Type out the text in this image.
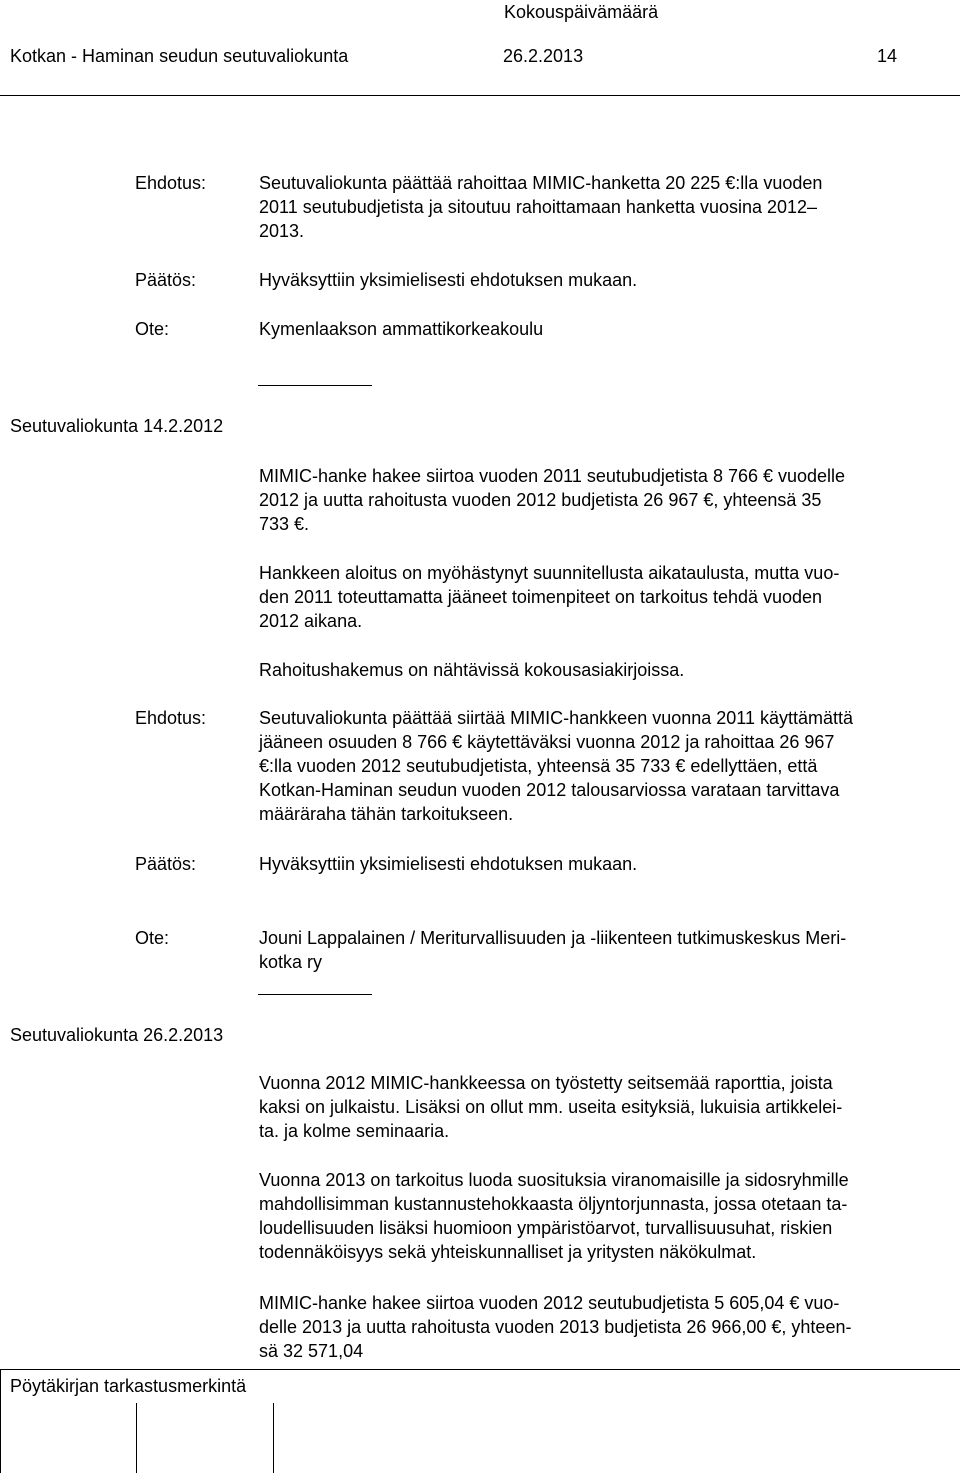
Kokouspäivämäärä
Kotkan - Haminan seudun seutuvaliokunta	26.2.2013	14
Ehdotus:	Seutuvaliokunta päättää rahoittaa MIMIC-hanketta 20 225 €:lla vuoden
2011 seutubudjetista ja sitoutuu rahoittamaan hanketta vuosina 2012–
2013.
Päätös:	Hyväksyttiin yksimielisesti ehdotuksen mukaan.
Ote:	Kymenlaakson ammattikorkeakoulu
Seutuvaliokunta 14.2.2012
MIMIC-hanke hakee siirtoa vuoden 2011 seutubudjetista 8 766 € vuodelle
2012 ja uutta rahoitusta vuoden 2012 budjetista 26 967 €, yhteensä 35
733 €.
Hankkeen aloitus on myöhästynyt suunnitellusta aikataulusta, mutta vuo-
den 2011 toteuttamatta jääneet toimenpiteet on tarkoitus tehdä vuoden
2012 aikana.
Rahoitushakemus on nähtävissä kokousasiakirjoissa.
Ehdotus:	Seutuvaliokunta päättää siirtää MIMIC-hankkeen vuonna 2011 käyttämättä
jääneen osuuden 8 766 € käytettäväksi vuonna 2012 ja rahoittaa 26 967
€:lla vuoden 2012 seutubudjetista, yhteensä 35 733 € edellyttäen, että
Kotkan-Haminan seudun vuoden 2012 talousarviossa varataan tarvittava
määräraha tähän tarkoitukseen.
Päätös:	Hyväksyttiin yksimielisesti ehdotuksen mukaan.
Ote:	Jouni Lappalainen / Meriturvallisuuden ja -liikenteen tutkimuskeskus Meri-
kotka ry
Seutuvaliokunta 26.2.2013
Vuonna 2012 MIMIC-hankkeessa on työstetty seitsemää raporttia, joista
kaksi on julkaistu. Lisäksi on ollut mm. useita esityksiä, lukuisia artikkelei-
ta. ja kolme seminaaria.
Vuonna 2013 on tarkoitus luoda suosituksia viranomaisille ja sidosryhmille
mahdollisimman kustannustehokkaasta öljyntorjunnasta, jossa otetaan ta-
loudellisuuden lisäksi huomioon ympäristöarvot, turvallisuusuhat, riskien
todennäköisyys sekä yhteiskunnalliset ja yritysten näkökulmat.
MIMIC-hanke hakee siirtoa vuoden 2012 seutubudjetista 5 605,04 € vuo-
delle 2013 ja uutta rahoitusta vuoden 2013 budjetista 26 966,00 €, yhteen-
sä 32 571,04
Pöytäkirjan tarkastusmerkintä
